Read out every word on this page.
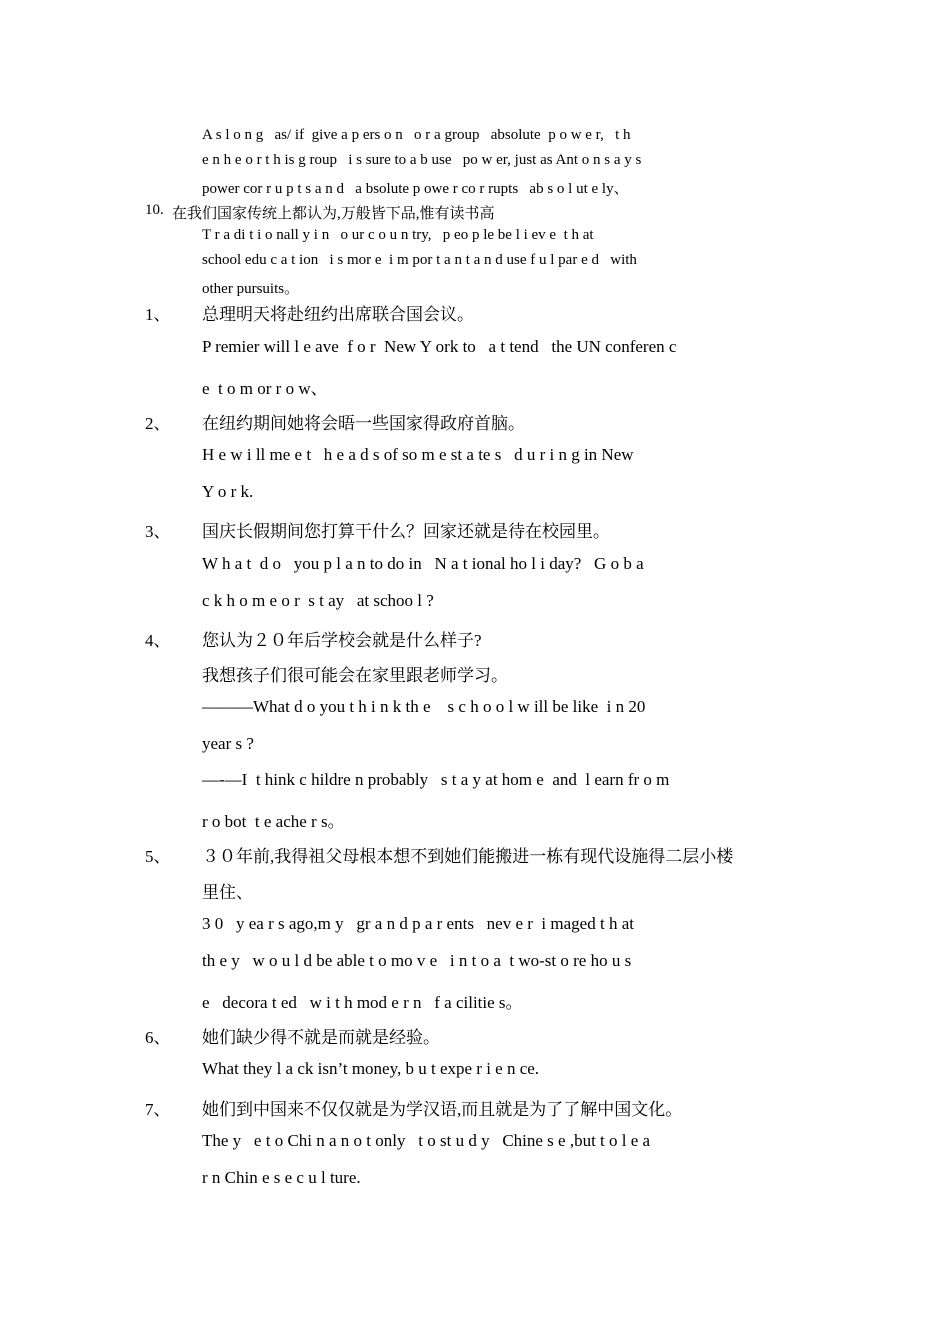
A s l o n g   as/ if  give a p ers o n   o r a group   absolute  p o w e r,   t h
e n h e o r t h is g roup   i s sure to a b use   po w er, just as Ant o n s a y s
power cor r u p t s a n d   a bsolute p owe r co r rupts   ab s o l ut e ly、
10. 在我们国家传统上都认为,万般皆下品,惟有读书高
T r a di t i o nall y i n   o ur c o u n try,   p eo p le be l i ev e  t h at
school edu c a t ion   i s mor e  i m por t a n t a n d use f u l par e d   with
other pursuits。
1、 总理明天将赴纽约出席联合国会议。
P remier will l e ave  f o r  New Y ork to   a t tend   the UN conferen c
e  t o m or r o w、
2、 在纽约期间她将会晤一些国家得政府首脑。
H e w i ll me e t   h e a d s of so m e st a te s   d u r i n g in New
Y o r k.
3、 国庆长假期间您打算干什么？回家还就是待在校园里。
W h a t  d o   you p l a n to do in   N a t ional ho l i day?   G o b a
c k h o m e o r  s t ay   at schoo l ?
4、 您认为２０年后学校会就是什么样子?
我想孩子们很可能会在家里跟老师学习。
―――What d o you t h i n k th e    s c h o o l w ill be like  i n 20
year s ?
—-—I  t hink c hildre n probably   s t a y at hom e  and  l earn fr o m
r o bot  t e ache r s。
5、 ３０年前,我得祖父母根本想不到她们能搬进一栋有现代设施得二层小楼
里住、
3 0   y ea r s ago,m y   gr a n d p a r ents   nev e r  i maged t h at
th e y   w o u l d be able t o mo v e   i n t o a  t wo-st o re ho u s
e   decora t ed   w i t h mod e r n   f a cilitie s。
6、 她们缺少得不就是而就是经验。
What they l a ck isn’t money, b u t expe r i e n ce.
7、 她们到中国来不仅仅就是为学汉语,而且就是为了了解中国文化。
The y   e t o Chi n a n o t only   t o st u d y   Chine s e ,but t o l e a
r n Chin e s e c u l ture.
